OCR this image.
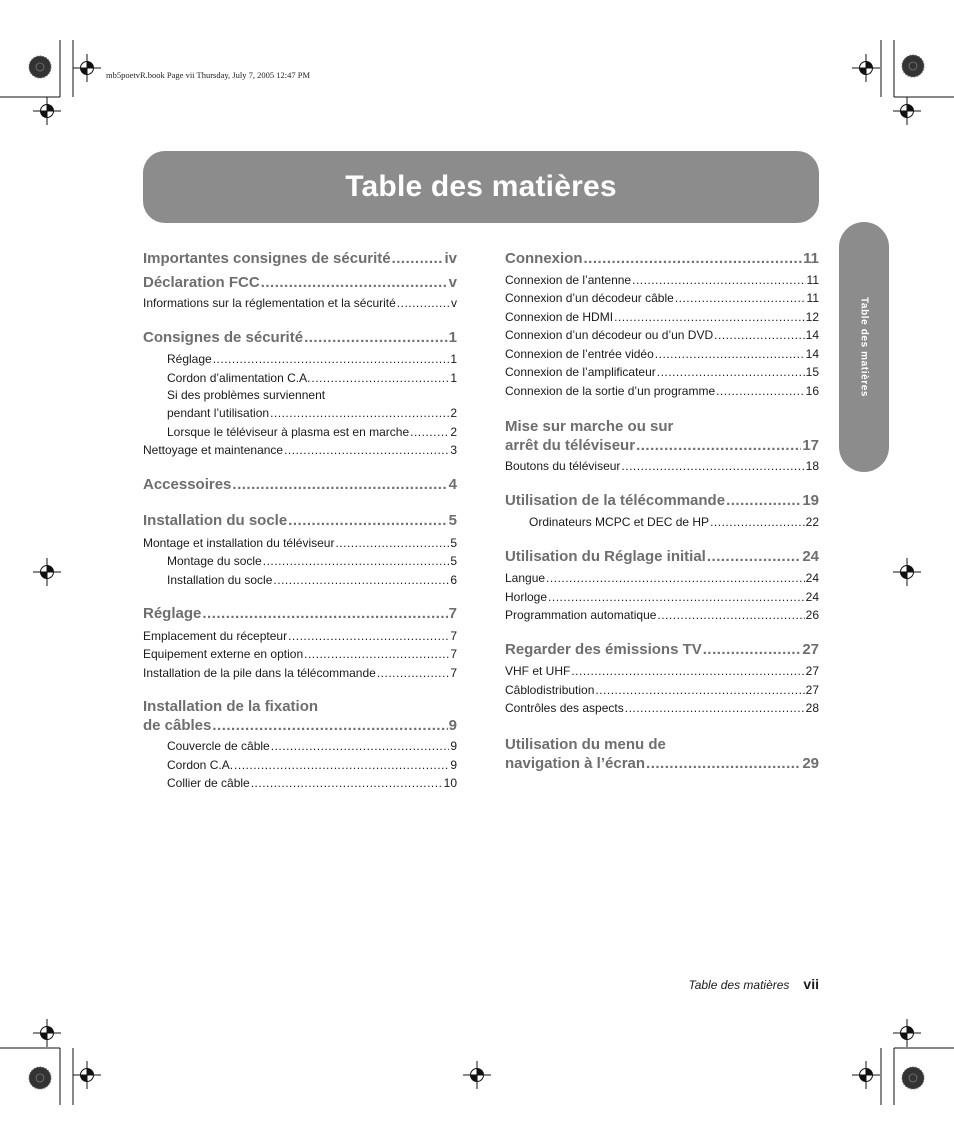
mb5poetvR.book Page vii Thursday, July 7, 2005 12:47 PM
Table des matières
Table des matières
Importantes consignes de sécurité .....	iv
Déclaration FCC .....	v
Informations sur la réglementation et la sécurité .....	v
Consignes de sécurité .....	1
Réglage .....	1
Cordon d’alimentation C.A. .....	1
Si des problèmes surviennent
pendant l’utilisation .....	2
Lorsque le téléviseur à plasma est en marche .....	2
Nettoyage et maintenance .....	3
Accessoires .....	4
Installation du socle .....	5
Montage et installation du téléviseur .....	5
Montage du socle .....	5
Installation du socle .....	6
Réglage .....	7
Emplacement du récepteur .....	7
Equipement externe en option .....	7
Installation de la pile dans la télécommande .....	7
Installation de la fixation
de câbles .....	9
Couvercle de câble .....	9
Cordon C.A. .....	9
Collier de câble .....	10
Connexion .....	11
Connexion de l’antenne .....	11
Connexion d’un décodeur câble .....	11
Connexion de HDMI .....	12
Connexion d’un décodeur ou d’un DVD .....	14
Connexion de l’entrée vidéo .....	14
Connexion de l’amplificateur .....	15
Connexion de la sortie d’un programme .....	16
Mise sur marche ou sur
arrêt du téléviseur .....	17
Boutons du téléviseur .....	18
Utilisation de la télécommande .....	19
Ordinateurs MCPC et DEC de HP .....	22
Utilisation du Réglage initial .....	24
Langue .....	24
Horloge .....	24
Programmation automatique .....	26
Regarder des émissions TV .....	27
VHF et UHF .....	27
Câblodistribution .....	27
Contrôles des aspects .....	28
Utilisation du menu de
navigation à l’écran .....	29
Table des matières vii
